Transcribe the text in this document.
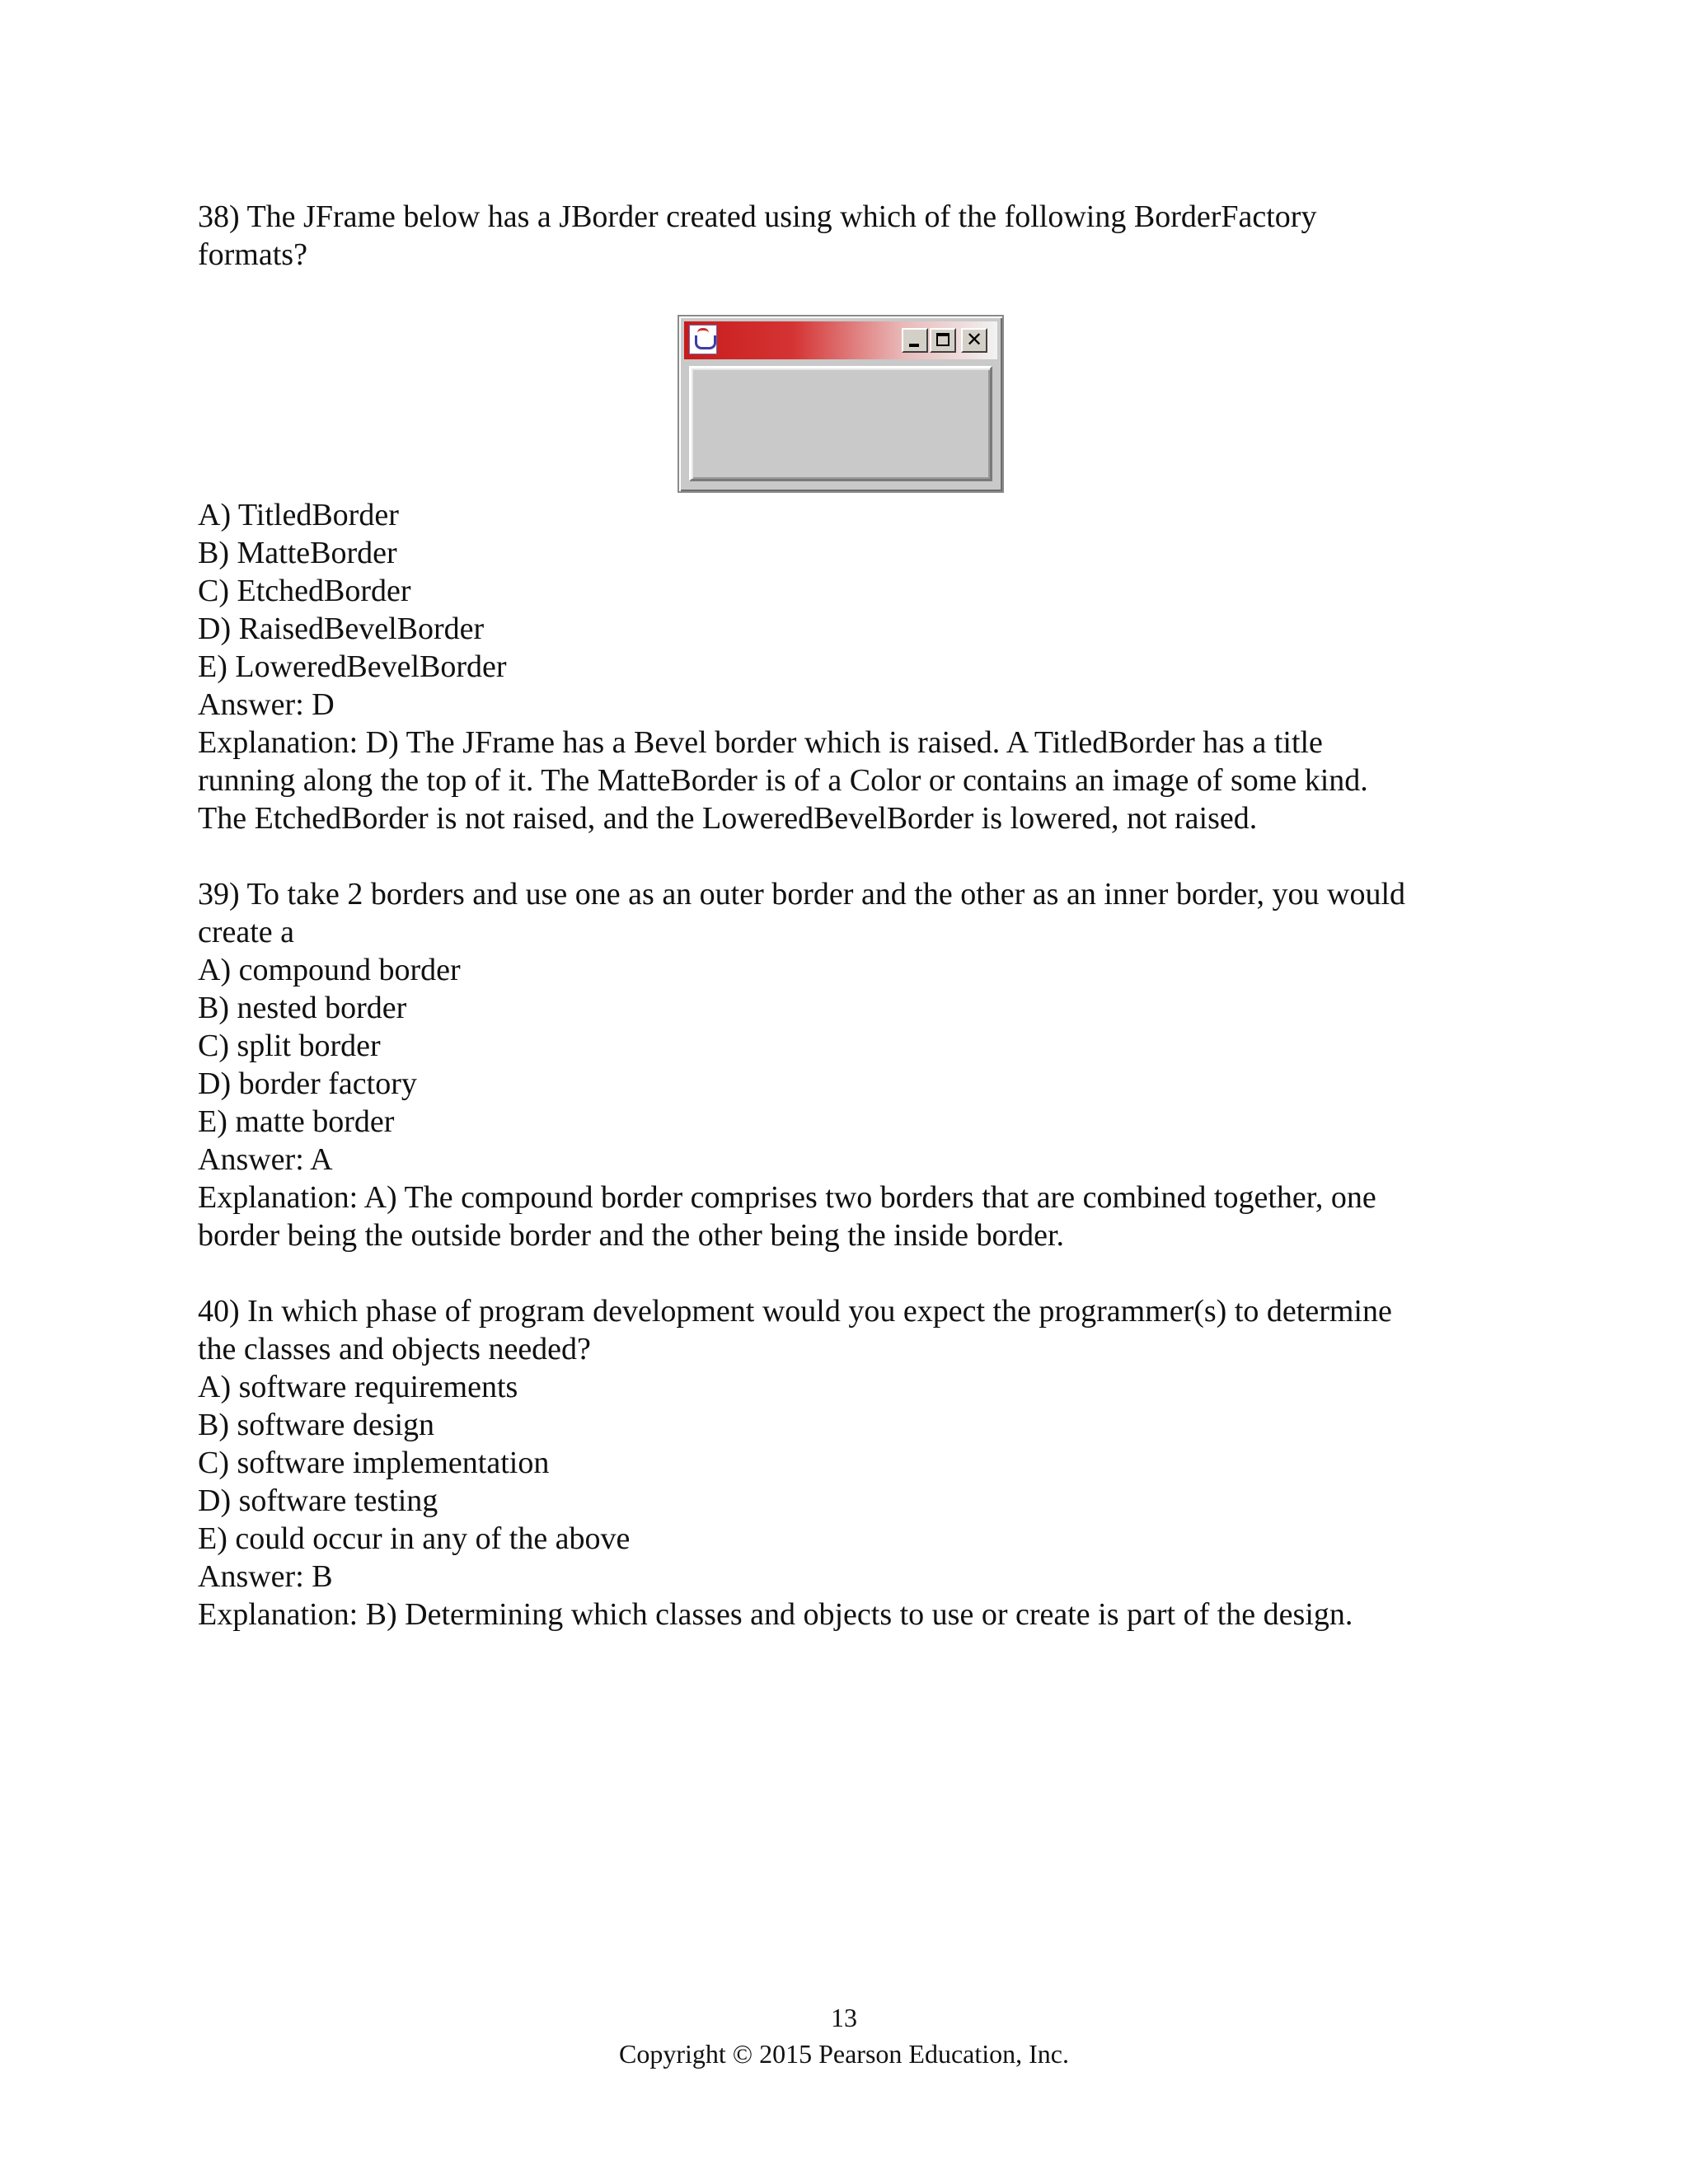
38) The JFrame below has a JBorder created using which of the following BorderFactory
formats?
✕
A) TitledBorder
B) MatteBorder
C) EtchedBorder
D) RaisedBevelBorder
E) LoweredBevelBorder
Answer: D
Explanation: D) The JFrame has a Bevel border which is raised. A TitledBorder has a title
running along the top of it. The MatteBorder is of a Color or contains an image of some kind.
The EtchedBorder is not raised, and the LoweredBevelBorder is lowered, not raised.
39) To take 2 borders and use one as an outer border and the other as an inner border, you would
create a
A) compound border
B) nested border
C) split border
D) border factory
E) matte border
Answer: A
Explanation: A) The compound border comprises two borders that are combined together, one
border being the outside border and the other being the inside border.
40) In which phase of program development would you expect the programmer(s) to determine
the classes and objects needed?
A) software requirements
B) software design
C) software implementation
D) software testing
E) could occur in any of the above
Answer: B
Explanation: B) Determining which classes and objects to use or create is part of the design.
13
Copyright © 2015 Pearson Education, Inc.
